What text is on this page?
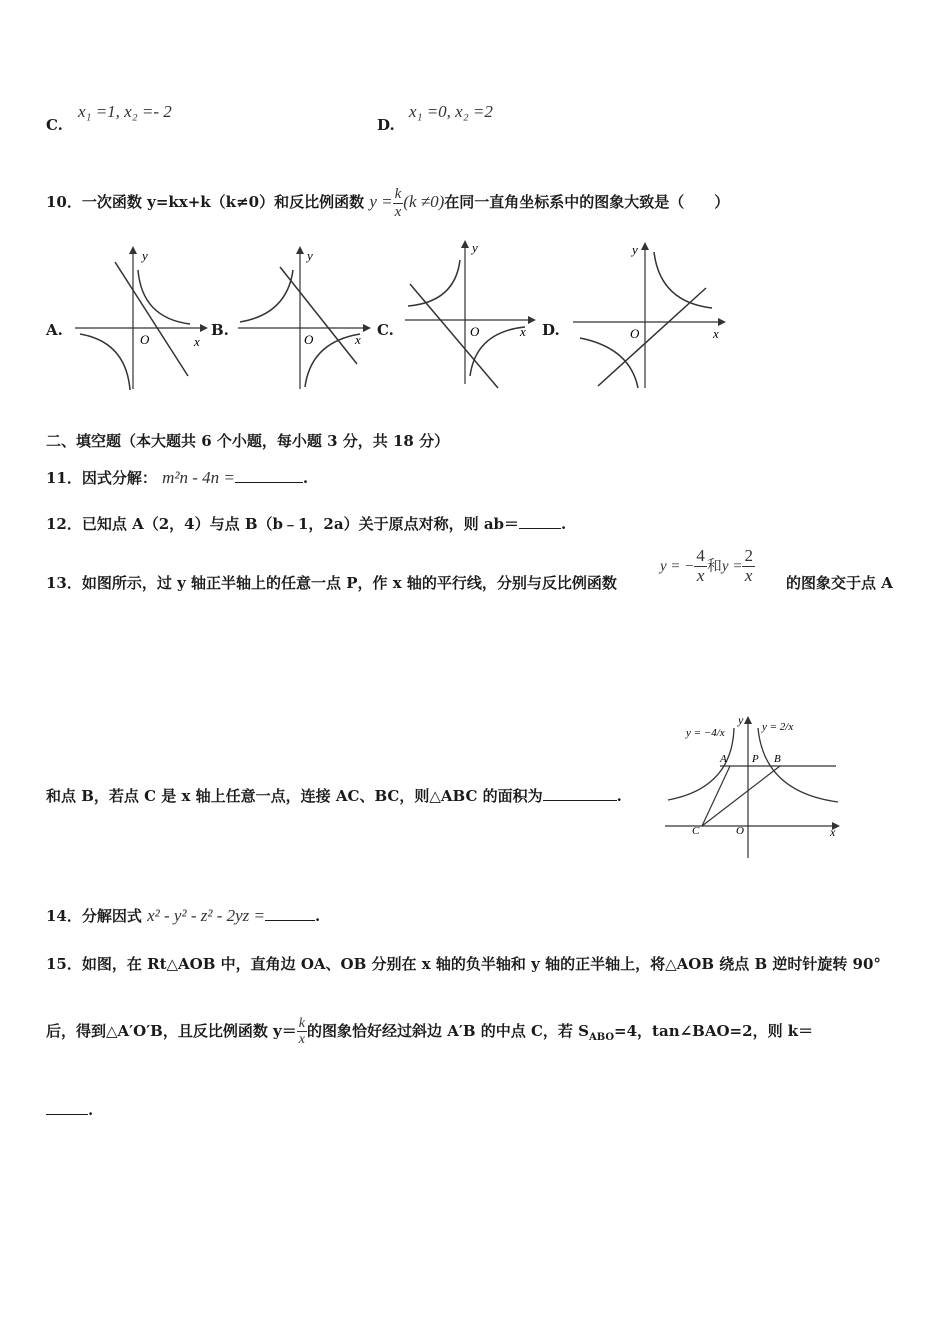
C.
x₁ =1, x₂ =- 2
D.
x₁ =0, x₂ =2
10．一次函数 y=kx+k（k≠0）和反比例函数 $y = \frac{k}{x} (k \ne 0)$在同一直角坐标系中的图象大致是（　　）
A.
y
x
O
B.
y
x
O
C.
y
x
O	D.
y
x
O
二、填空题（本大题共 6 个小题，每小题 3 分，共 18 分）
11．因式分解： m²n - 4n =	.
12．已知点 A（2，4）与点 B（b﹣1，2a）关于原点对称，则 ab＝	.
13．如图所示，过 y 轴正半轴上的任意一点 P，作 x 轴的平行线，分别与反比例函数
y = − $\frac{4}{x}$ 和$y = \frac{2}{x}$ 的图象交于点 A
和点 B，若点 C 是 x 轴上任意一点，连接 AC、BC，则△ABC 的面积为	.
y = −4/x	y = 2/x
y
x
A P B
C	O
14．分解因式 x² - y² - z² - 2yz =	.
15．如图，在 Rt△AOB 中，直角边 OA、OB 分别在 x 轴的负半轴和 y 轴的正半轴上，将△AOB 绕点 B 逆时针旋转 90°
后，得到△A′O′B，且反比例函数 $y= \frac{k}{x}$ 的图象恰好经过斜边 A′B 的中点 C，若 $S_{ABO}=4$，tan∠BAO=2，则 k＝
.
